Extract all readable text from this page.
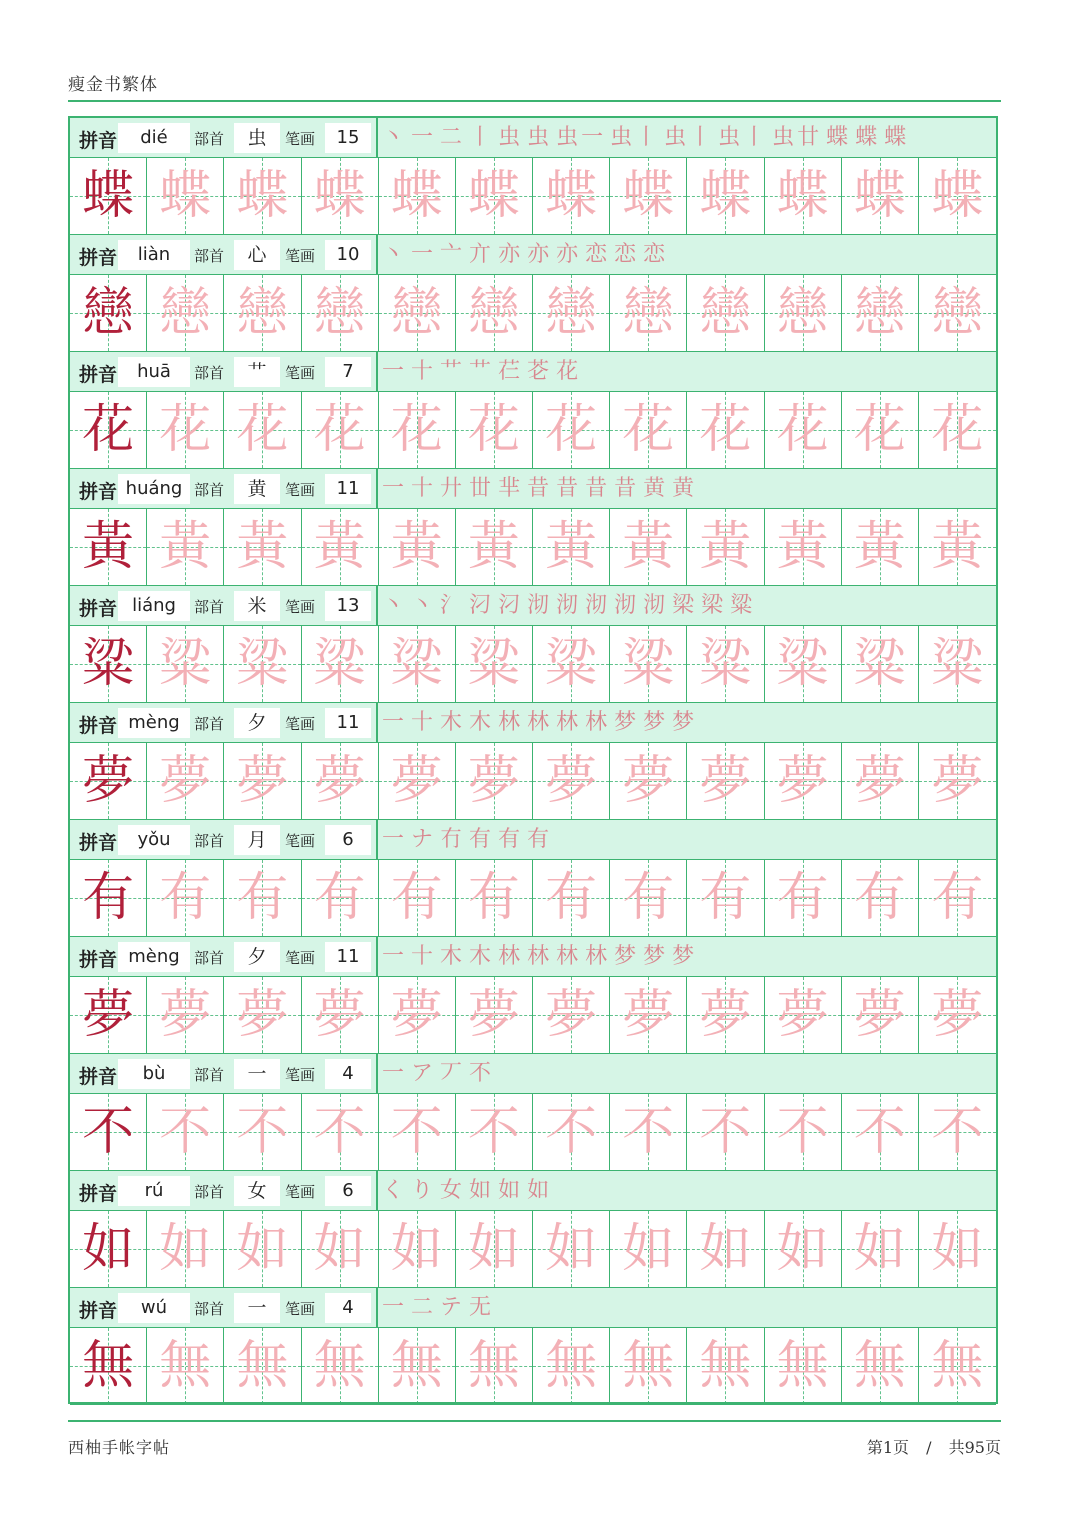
瘦金书繁体
拼音	dié	部首	虫	笔画	15	丶 一 二 丨 虫 虫 虫一 虫丨 虫丨 虫丨 虫廿 蝶 蝶 蝶
蝶 蝶 蝶 蝶 蝶 蝶 蝶 蝶 蝶 蝶 蝶 蝶
拼音	liàn	部首	心	笔画	10	丶 一 亠 亣 亦 亦 亦 恋 恋 恋
戀 戀 戀 戀 戀 戀 戀 戀 戀 戀 戀 戀
拼音	huā	部首	艹	笔画	7	一 十 艹 艹 芢 芲 花
花 花 花 花 花 花 花 花 花 花 花 花
拼音 huáng 部首	黄	笔画	11	一 十 廾 丗 芈 昔 昔 昔 昔 黄 黄
黃 黃 黃 黃 黃 黃 黃 黃 黃 黃 黃 黃
拼音 liáng	部首	米	笔画	13	丶 丶 氵 汈 汈 沏 沏 沏 沏 沏 梁 梁 粱
粱 粱 粱 粱 粱 粱 粱 粱 粱 粱 粱 粱
拼音 mèng 部首	夕	笔画	11	一 十 木 木 林 林 林 林 梦 梦 梦
夢 夢 夢 夢 夢 夢 夢 夢 夢 夢 夢 夢
拼音	yǒu	部首	月	笔画	6	一 ナ 冇 有 有 有
有 有 有 有 有 有 有 有 有 有 有 有
拼音 mèng 部首	夕	笔画	11	一 十 木 木 林 林 林 林 梦 梦 梦
夢 夢 夢 夢 夢 夢 夢 夢 夢 夢 夢 夢
拼音	bù	部首	一	笔画	4	一 ア 丆 不
不 不 不 不 不 不 不 不 不 不 不 不
拼音	rú	部首	女	笔画	6	く り 女 如 如 如
如 如 如 如 如 如 如 如 如 如 如 如
拼音	wú	部首	一	笔画	4	一 二 テ 无
無 無 無 無 無 無 無 無 無 無 無 無
西柚手帐字帖	第1页 / 共95页
